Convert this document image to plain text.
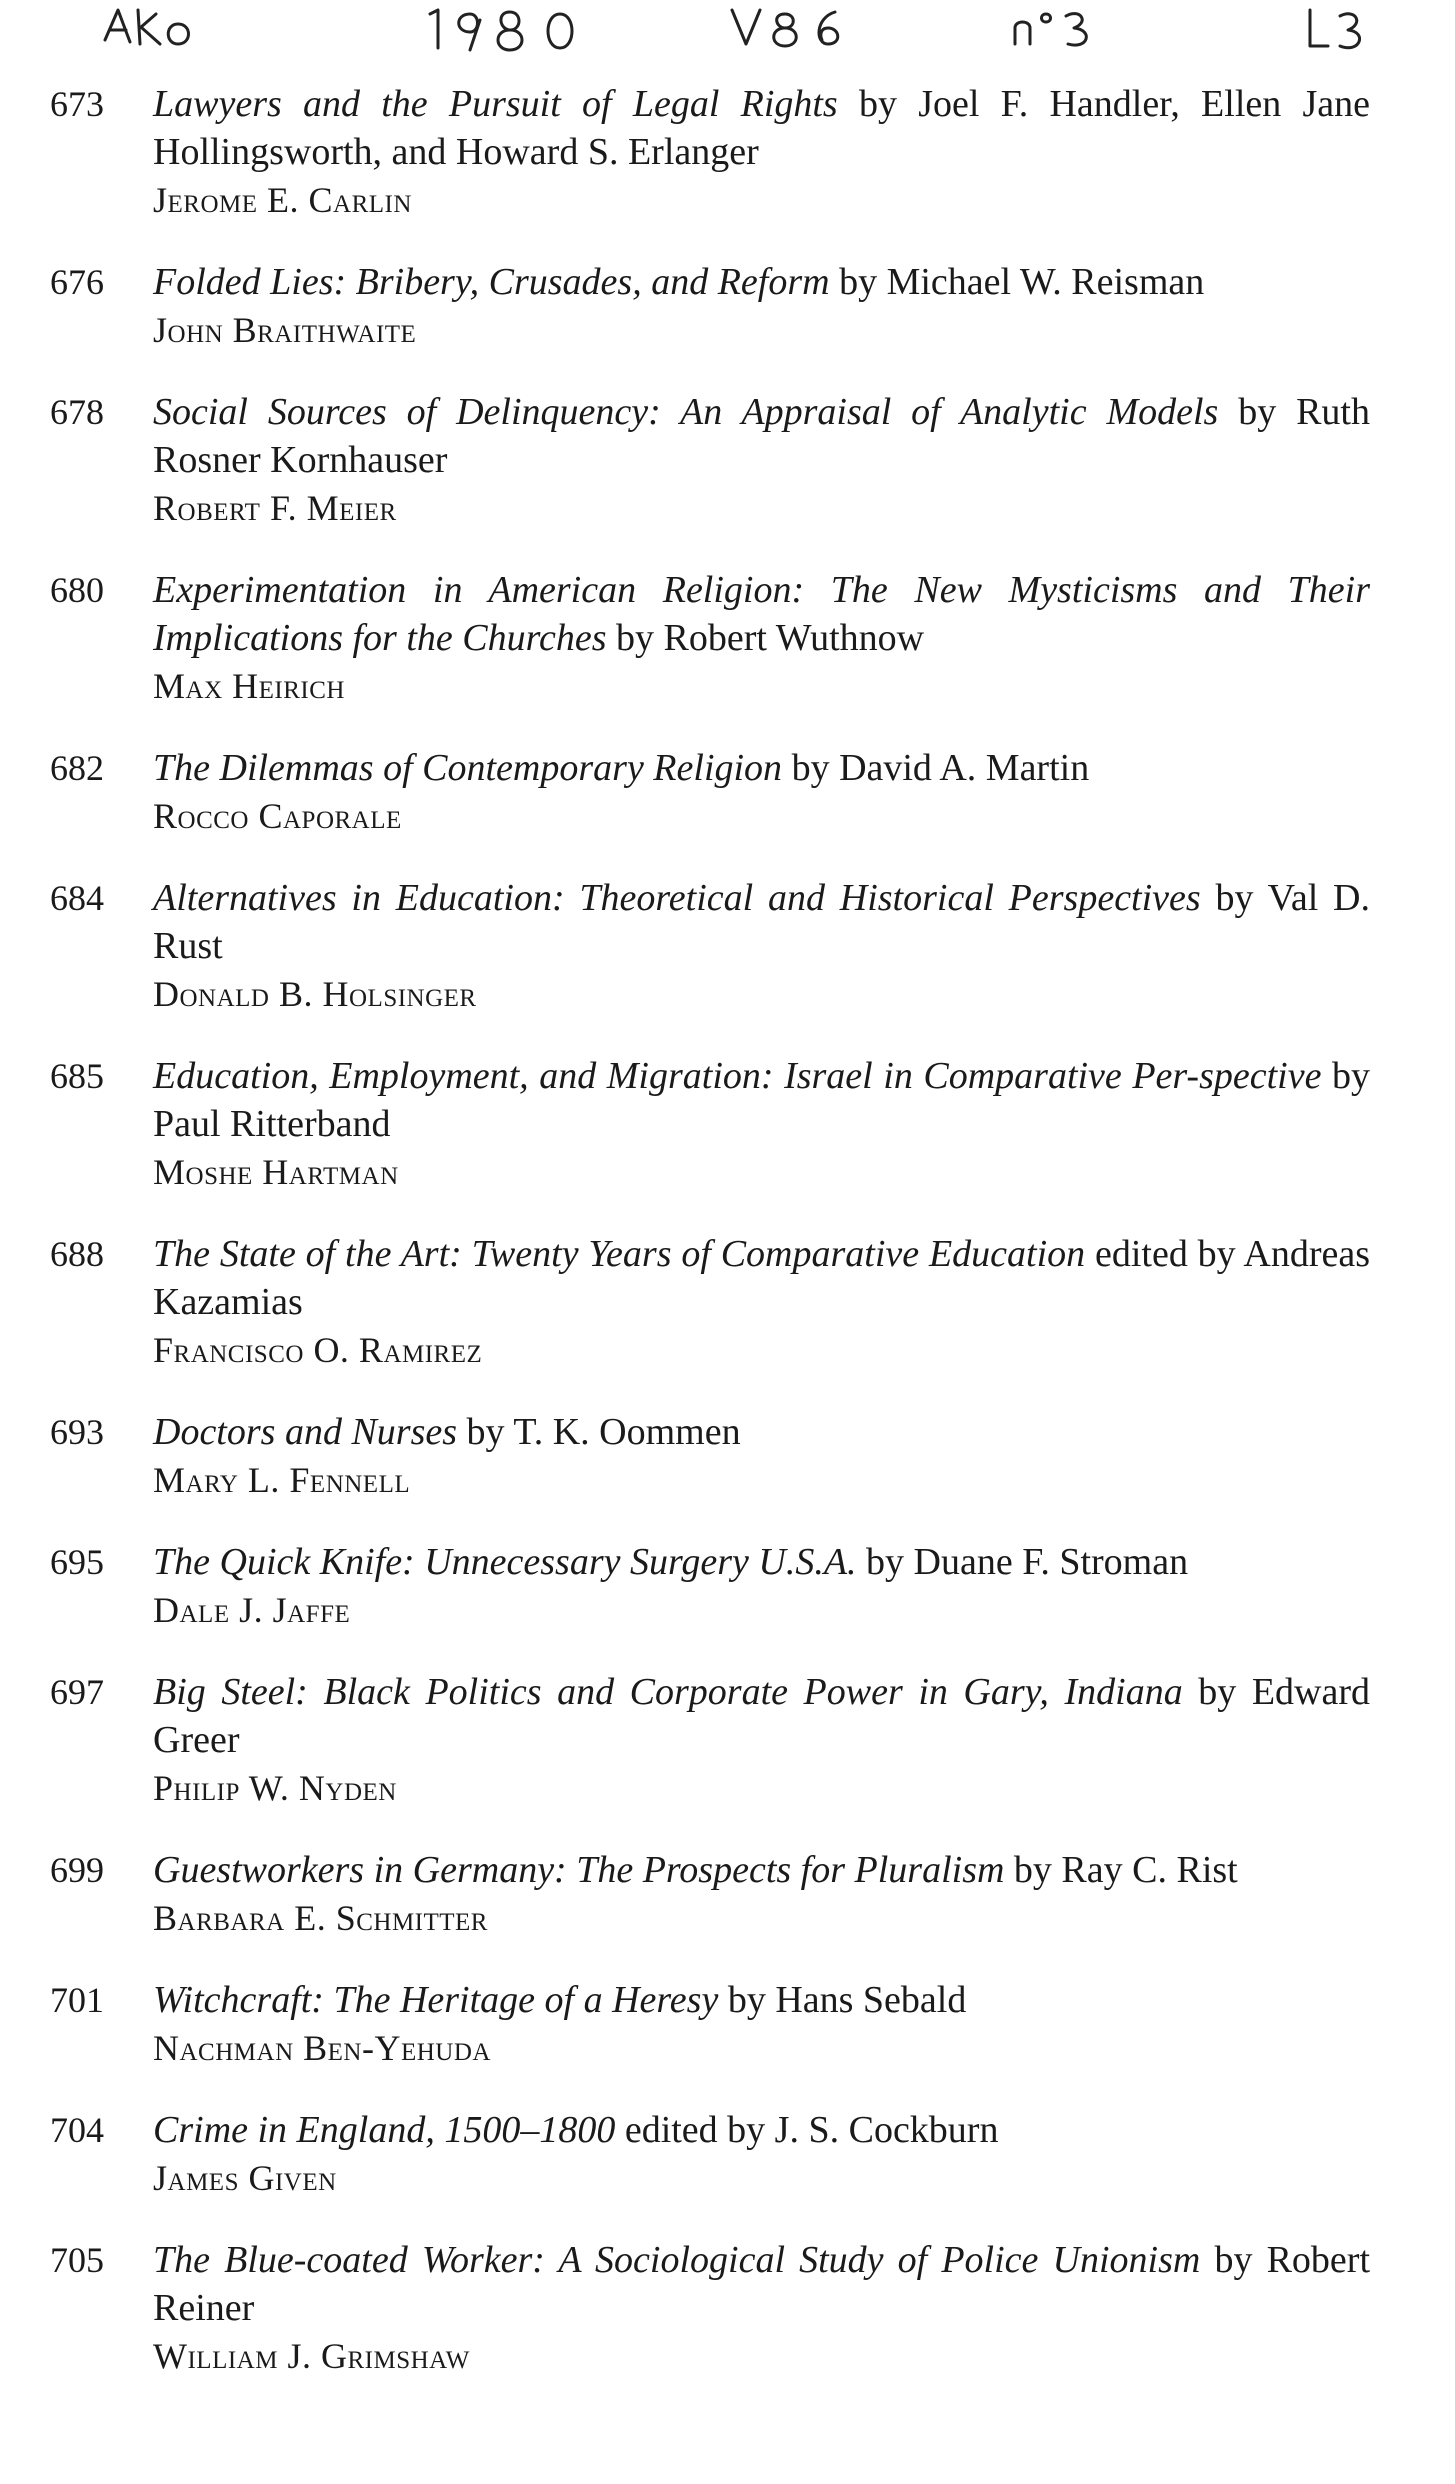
673	Lawyers and the Pursuit of Legal Rights by Joel F. Handler, Ellen Jane Hollingsworth, and Howard S. Erlanger
Jerome E. Carlin
676	Folded Lies: Bribery, Crusades, and Reform by Michael W. Reisman
John Braithwaite
678	Social Sources of Delinquency: An Appraisal of Analytic Models by Ruth Rosner Kornhauser
Robert F. Meier
680	Experimentation in American Religion: The New Mysticisms and Their Implications for the Churches by Robert Wuthnow
Max Heirich
682	The Dilemmas of Contemporary Religion by David A. Martin
Rocco Caporale
684	Alternatives in Education: Theoretical and Historical Perspectives by Val D. Rust
Donald B. Holsinger
685	Education, Employment, and Migration: Israel in Comparative Per-spective by Paul Ritterband
Moshe Hartman
688	The State of the Art: Twenty Years of Comparative Education edited by Andreas Kazamias
Francisco O. Ramirez
693	Doctors and Nurses by T. K. Oommen
Mary L. Fennell
695	The Quick Knife: Unnecessary Surgery U.S.A. by Duane F. Stroman
Dale J. Jaffe
697	Big Steel: Black Politics and Corporate Power in Gary, Indiana by Edward Greer
Philip W. Nyden
699	Guestworkers in Germany: The Prospects for Pluralism by Ray C. Rist
Barbara E. Schmitter
701	Witchcraft: The Heritage of a Heresy by Hans Sebald
Nachman Ben-Yehuda
704	Crime in England, 1500–1800 edited by J. S. Cockburn
James Given
705	The Blue-coated Worker: A Sociological Study of Police Unionism by Robert Reiner
William J. Grimshaw
